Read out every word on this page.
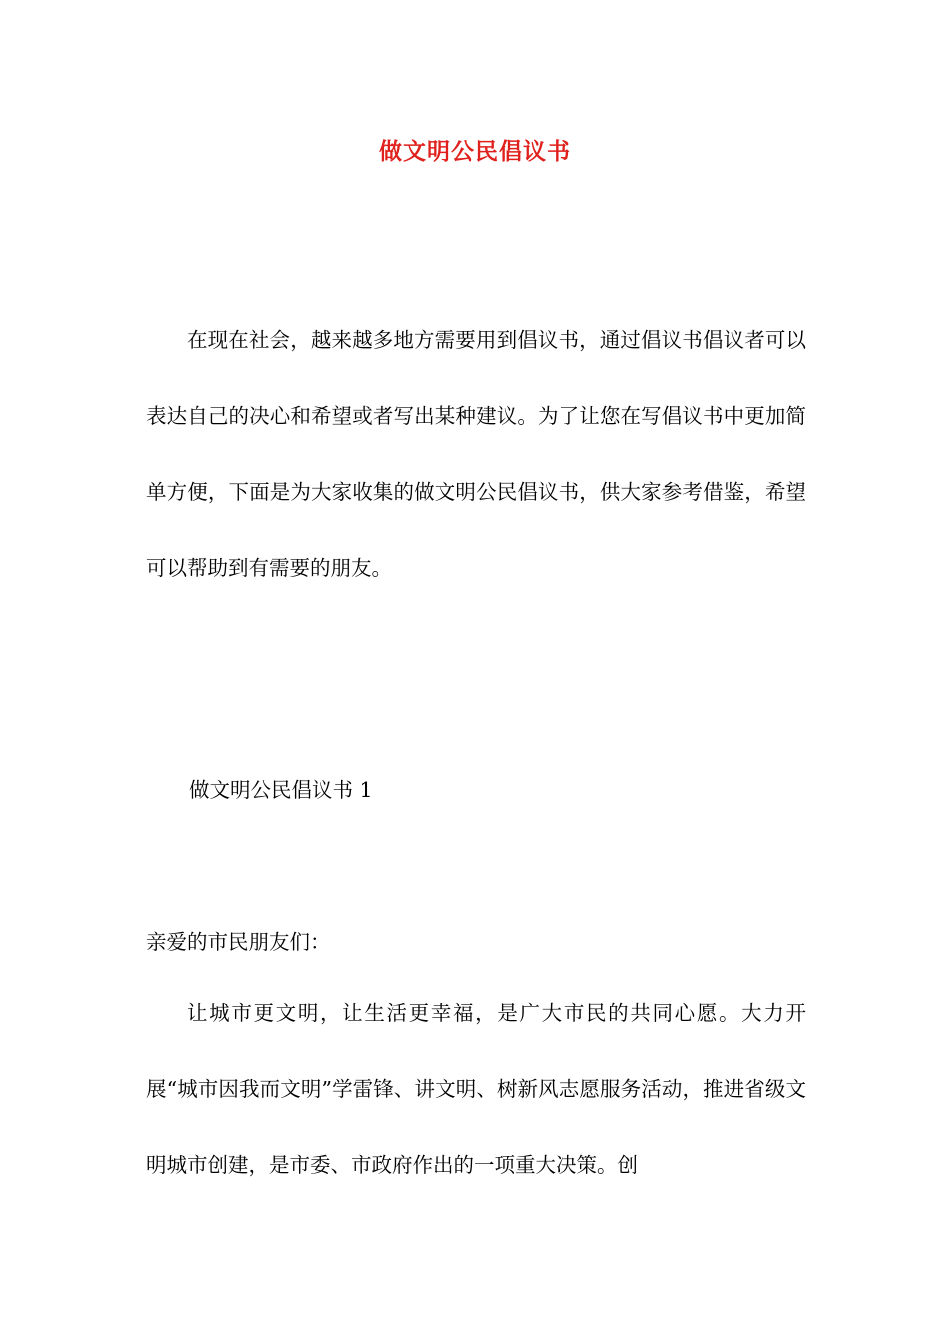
做文明公民倡议书

在现在社会，越来越多地方需要用到倡议书，通过倡议书倡议者可以表达自己的决心和希望或者写出某种建议。为了让您在写倡议书中更加简单方便，下面是为大家收集的做文明公民倡议书，供大家参考借鉴，希望可以帮助到有需要的朋友。

做文明公民倡议书 1
亲爱的市民朋友们：

让城市更文明，让生活更幸福，是广大市民的共同心愿。大力开展“城市因我而文明”学雷锋、讲文明、树新风志愿服务活动，推进省级文明城市创建，是市委、市政府作出的一项重大决策。创
